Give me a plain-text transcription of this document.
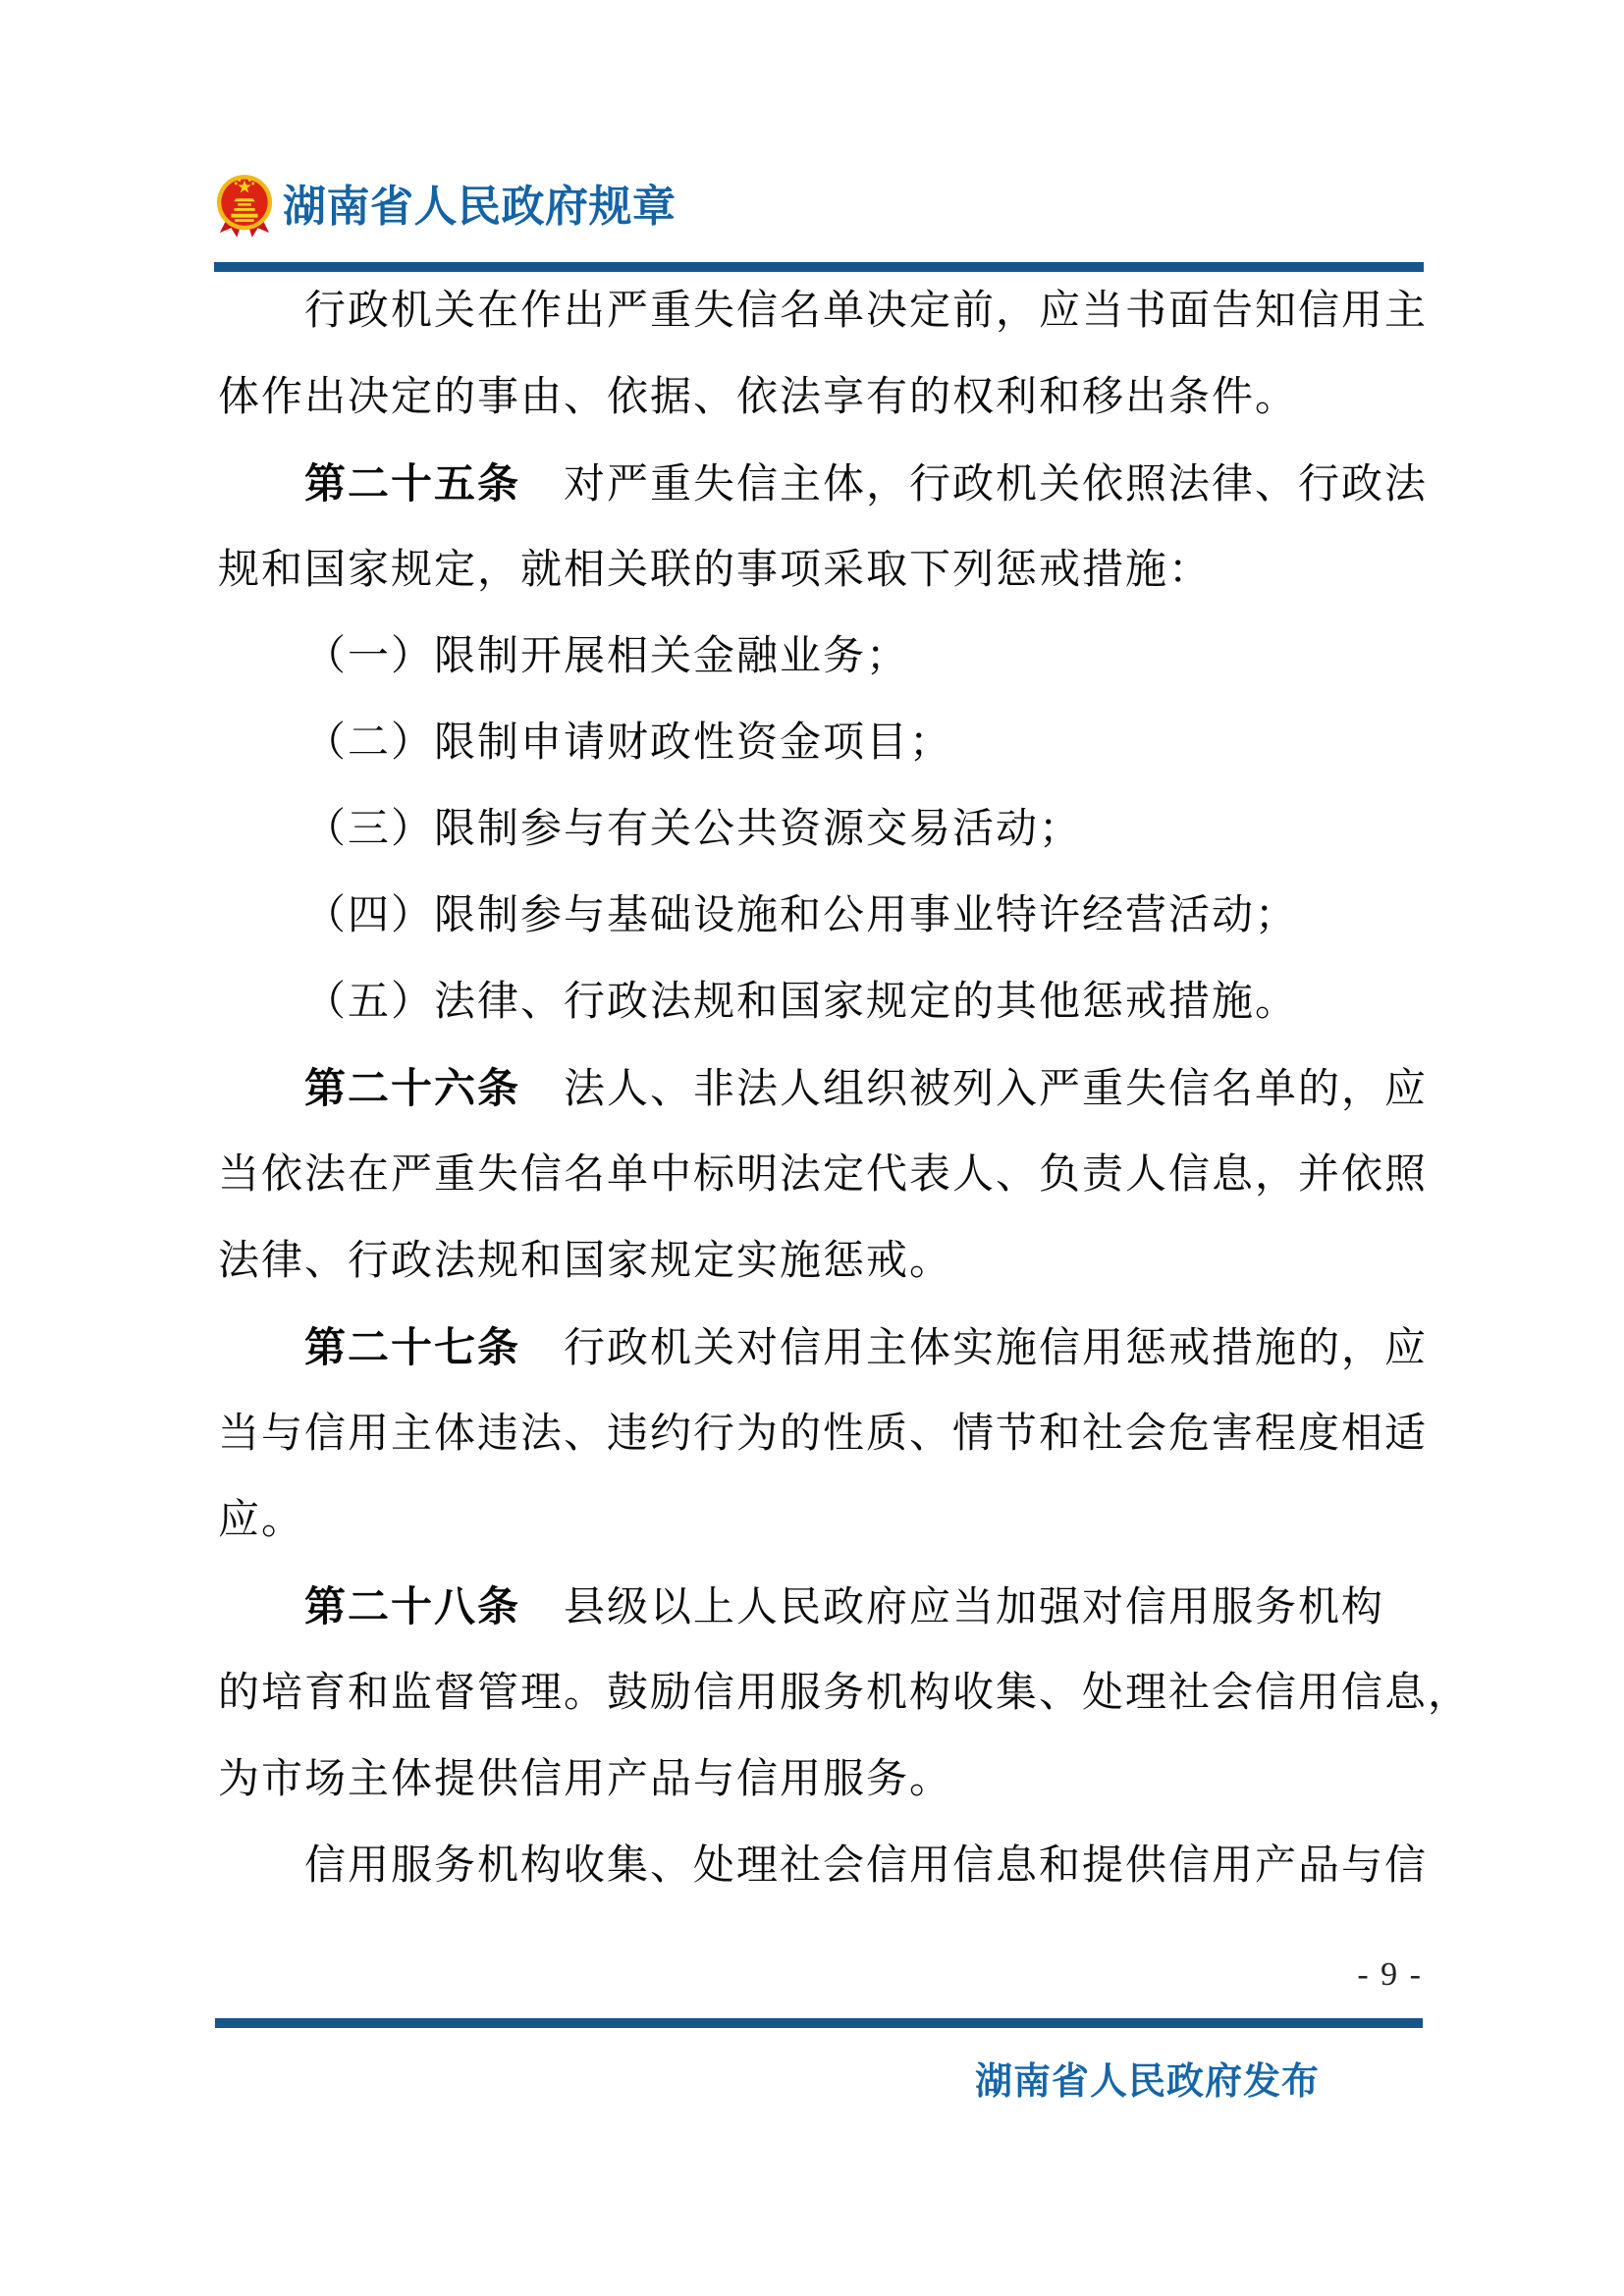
湖南省人民政府规章
行政机关在作出严重失信名单决定前，应当书面告知信用主
体作出决定的事由、依据、依法享有的权利和移出条件。
第二十五条　对严重失信主体，行政机关依照法律、行政法
规和国家规定，就相关联的事项采取下列惩戒措施：
（一）限制开展相关金融业务；
（二）限制申请财政性资金项目；
（三）限制参与有关公共资源交易活动；
（四）限制参与基础设施和公用事业特许经营活动；
（五）法律、行政法规和国家规定的其他惩戒措施。
第二十六条　法人、非法人组织被列入严重失信名单的，应
当依法在严重失信名单中标明法定代表人、负责人信息，并依照
法律、行政法规和国家规定实施惩戒。
第二十七条　行政机关对信用主体实施信用惩戒措施的，应
当与信用主体违法、违约行为的性质、情节和社会危害程度相适
应。
第二十八条　县级以上人民政府应当加强对信用服务机构
的培育和监督管理。鼓励信用服务机构收集、处理社会信用信息，
为市场主体提供信用产品与信用服务。
信用服务机构收集、处理社会信用信息和提供信用产品与信
- 9 -
湖南省人民政府发布
